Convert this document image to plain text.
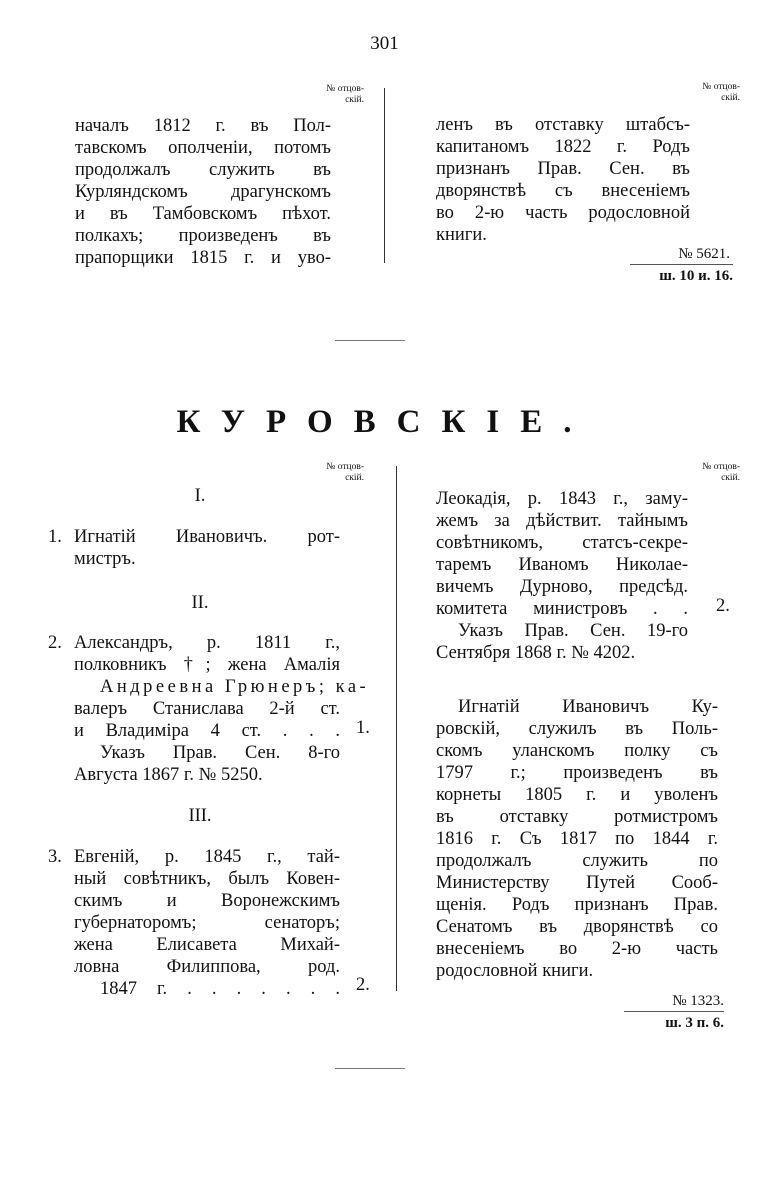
301
№ отцов-
скій.
№ отцов-
скій.
началъ 1812 г. въ Пол-
тавскомъ ополченіи, потомъ
продолжалъ служить въ
Курляндскомъ драгунскомъ
и въ Тамбовскомъ пѣхот.
полкахъ; произведенъ въ
прапорщики 1815 г. и уво-
ленъ въ отставку штабсъ-
капитаномъ 1822 г. Родъ
признанъ Прав. Сен. въ
дворянствѣ съ внесеніемъ
во 2-ю часть родословной
книги.
№ 5621.
ш. 10 и. 16.
КУРОВСКІЕ.
№ отцов-
скій.
№ отцов-
скій.
I.
1. Игнатій Ивановичъ. рот-
мистръ.
II.
2. Александръ, р. 1811 г.,
полковникъ †; жена Амалія
Андреевна Грюнеръ; ка-
валеръ Станислава 2-й ст.
и Владиміра 4 ст. . . . 1.
Указъ Прав. Сен. 8-го
Августа 1867 г. № 5250.
III.
3. Евгеній, р. 1845 г., тай-
ный совѣтникъ, былъ Ковен-
скимъ и Воронежскимъ
губернаторомъ; сенаторъ;
жена Елисавета Михай-
ловна Филиппова, род.
1847 г. . . . . . . . 2.
Леокадія, р. 1843 г., заму-
жемъ за дѣйствит. тайнымъ
совѣтникомъ, статсъ-секре-
таремъ Иваномъ Николае-
вичемъ Дурново, предсѣд.
комитета министровъ . . 2.
Указъ Прав. Сен. 19-го
Сентября 1868 г. № 4202.
Игнатій Ивановичъ Ку-
ровскій, служилъ въ Поль-
скомъ уланскомъ полку съ
1797 г.; произведенъ въ
корнеты 1805 г. и уволенъ
въ отставку ротмистромъ
1816 г. Съ 1817 по 1844 г.
продолжалъ служить по
Министерству Путей Сооб-
щенія. Родъ признанъ Прав.
Сенатомъ въ дворянствѣ со
внесеніемъ во 2-ю часть
родословной книги.
№ 1323.
ш. 3 п. 6.
